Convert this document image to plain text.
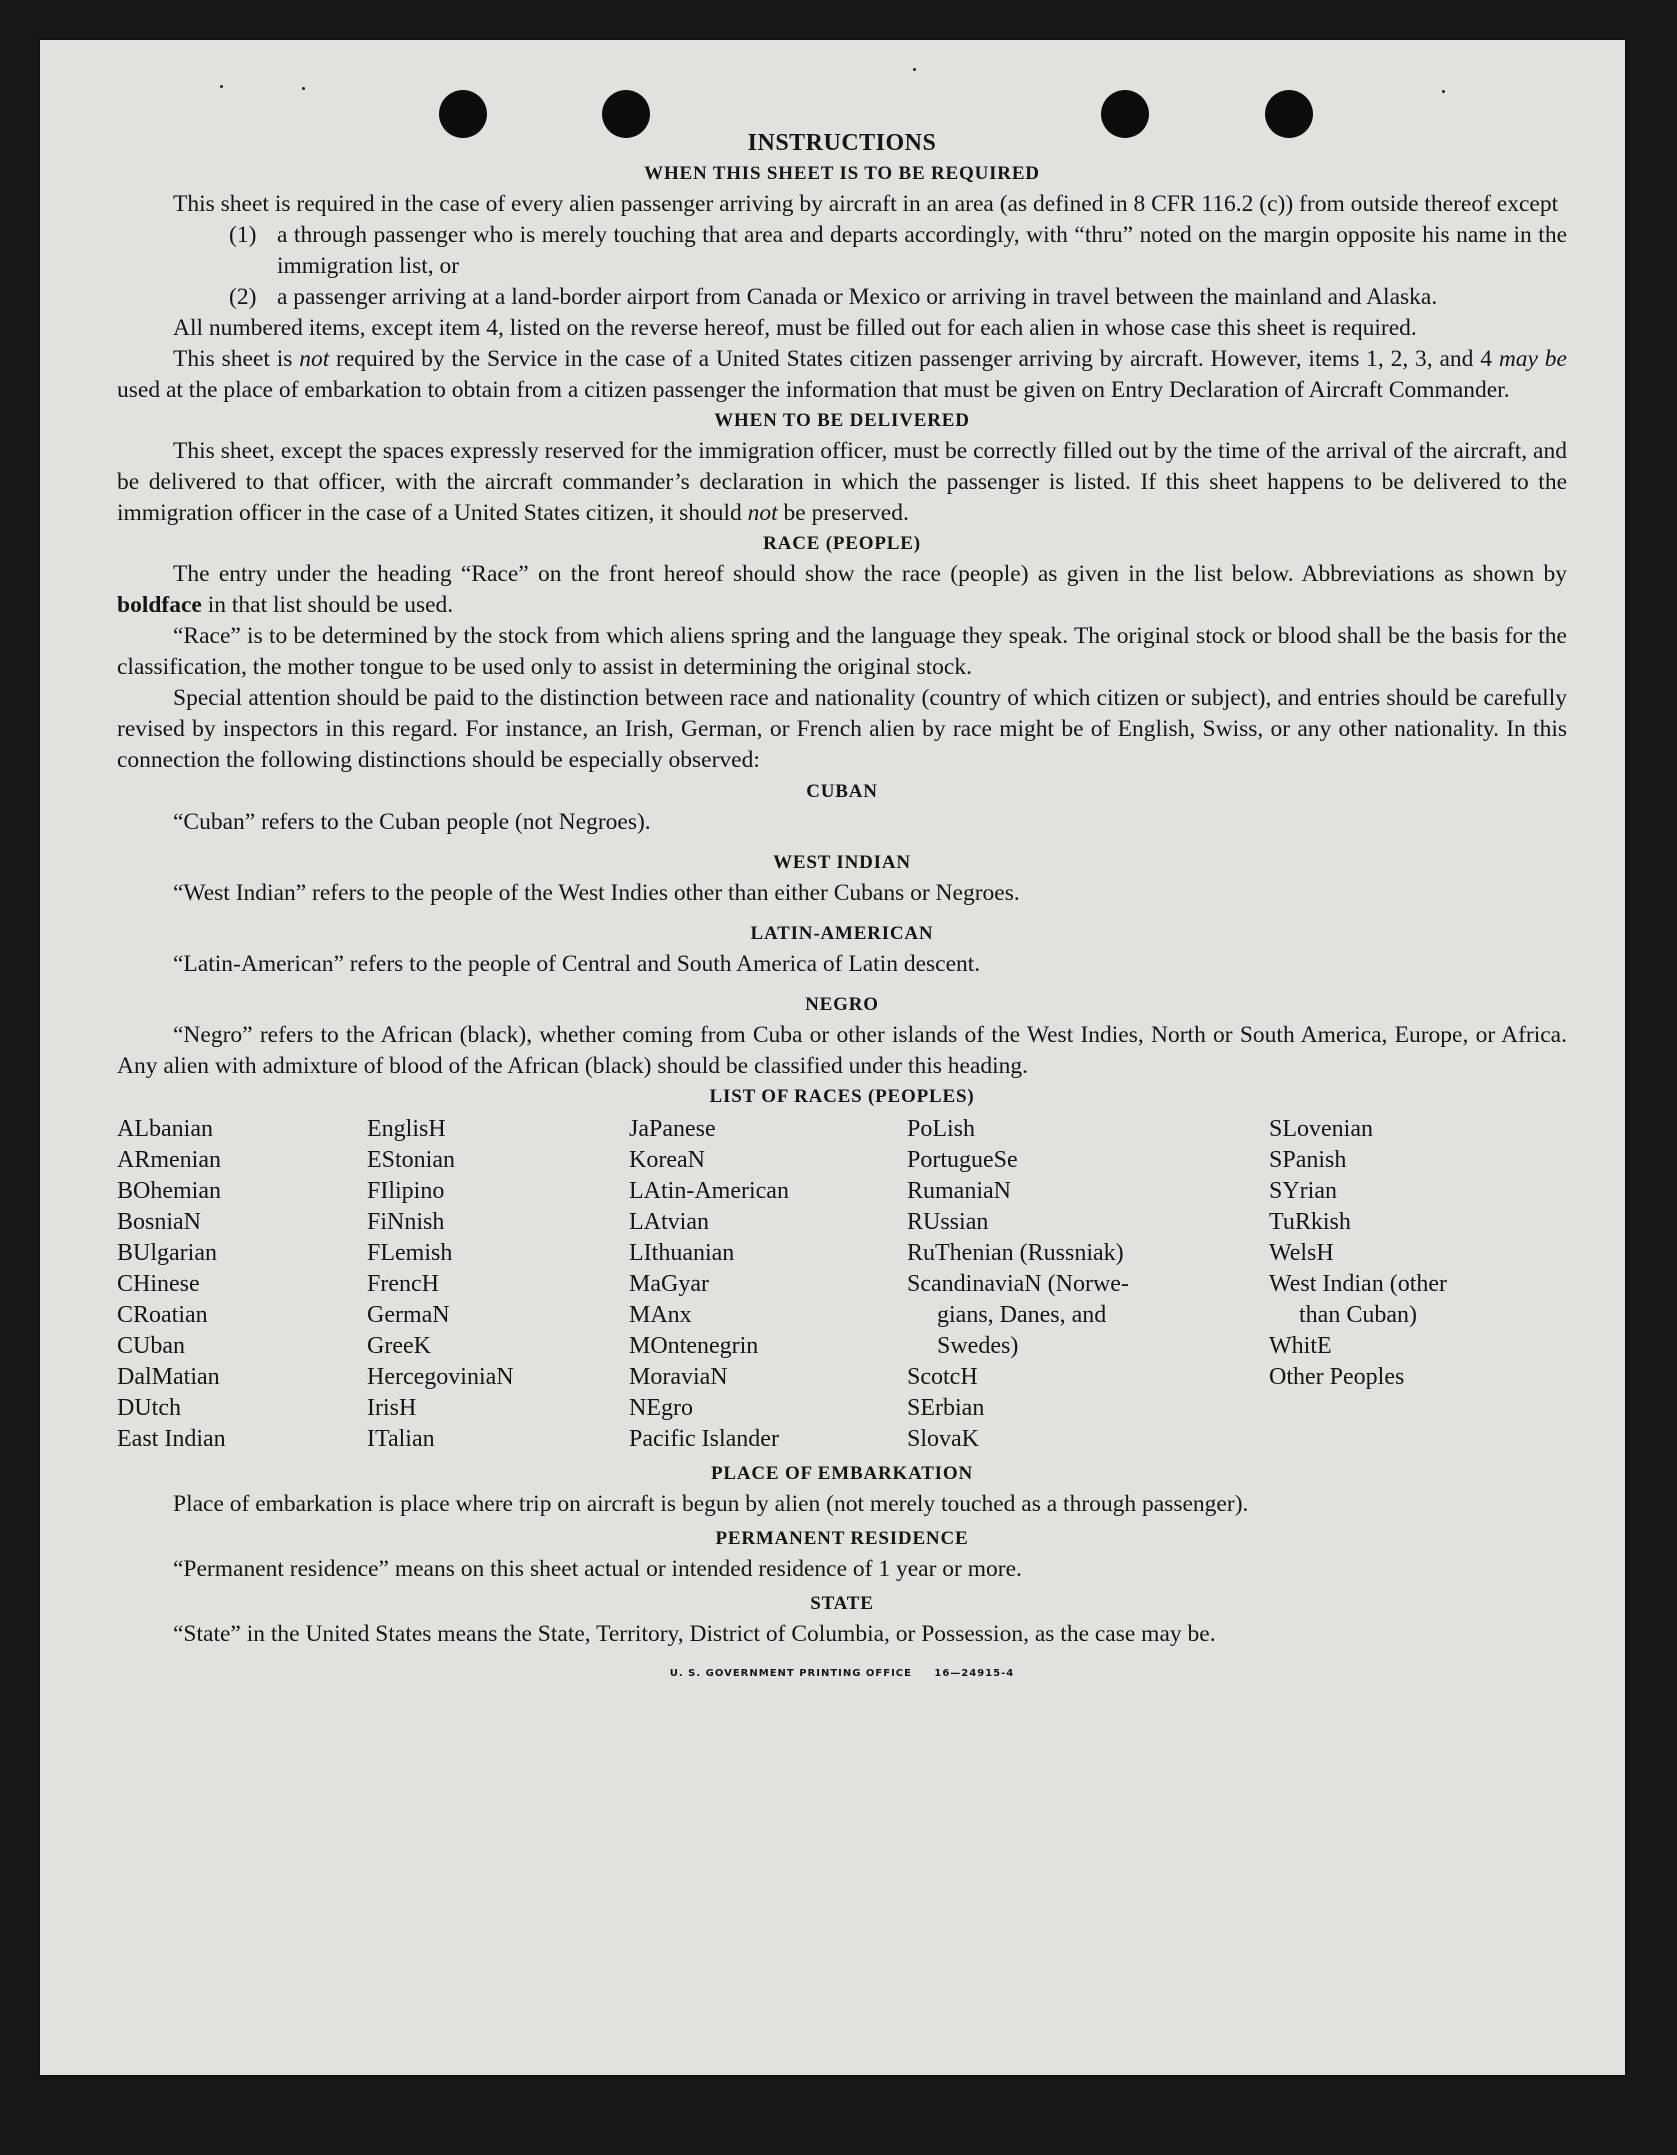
INSTRUCTIONS
WHEN THIS SHEET IS TO BE REQUIRED

This sheet is required in the case of every alien passenger arriving by aircraft in an area (as defined in 8 CFR 116.2 (c)) from outside thereof except

(1) a through passenger who is merely touching that area and departs accordingly, with “thru” noted on the margin opposite his name in the immigration list, or
(2) a passenger arriving at a land-border airport from Canada or Mexico or arriving in travel between the mainland and Alaska.

All numbered items, except item 4, listed on the reverse hereof, must be filled out for each alien in whose case this sheet is required.

This sheet is not required by the Service in the case of a United States citizen passenger arriving by aircraft. However, items 1, 2, 3, and 4 may be used at the place of embarkation to obtain from a citizen passenger the information that must be given on Entry Declaration of Aircraft Commander.

WHEN TO BE DELIVERED

This sheet, except the spaces expressly reserved for the immigration officer, must be correctly filled out by the time of the arrival of the aircraft, and be delivered to that officer, with the aircraft commander’s declaration in which the passenger is listed. If this sheet happens to be delivered to the immigration officer in the case of a United States citizen, it should not be preserved.

RACE (PEOPLE)

The entry under the heading “Race” on the front hereof should show the race (people) as given in the list below. Abbreviations as shown by boldface in that list should be used.

“Race” is to be determined by the stock from which aliens spring and the language they speak. The original stock or blood shall be the basis for the classification, the mother tongue to be used only to assist in determining the original stock.

Special attention should be paid to the distinction between race and nationality (country of which citizen or subject), and entries should be carefully revised by inspectors in this regard. For instance, an Irish, German, or French alien by race might be of English, Swiss, or any other nationality. In this connection the following distinctions should be especially observed:

CUBAN

“Cuban” refers to the Cuban people (not Negroes).

WEST INDIAN

“West Indian” refers to the people of the West Indies other than either Cubans or Negroes.

LATIN-AMERICAN

“Latin-American” refers to the people of Central and South America of Latin descent.

NEGRO

“Negro” refers to the African (black), whether coming from Cuba or other islands of the West Indies, North or South America, Europe, or Africa. Any alien with admixture of blood of the African (black) should be classified under this heading.

LIST OF RACES (PEOPLES)
ALbanian
ARmenian
BOhemian
BosniaN
BUlgarian
CHinese
CRoatian
CUban
DalMatian
DUtch
East Indian
EnglisH
EStonian
FIlipino
FiNnish
FLemish
FrencH
GermaN
GreeK
HercegoviniaN
IrisH
ITalian
JaPanese
KoreaN
LAtin-American
LAtvian
LIthuanian
MaGyar
MAnx
MOntenegrin
MoraviaN
NEgro
Pacific Islander
PoLish
PortugueSe
RumaniaN
RUssian
RuThenian (Russniak)
ScandinaviaN (Norwe-
gians, Danes, and
Swedes)
ScotcH
SErbian
SlovaK
SLovenian
SPanish
SYrian
TuRkish
WelsH
West Indian (other
than Cuban)
WhitE
Other Peoples
PLACE OF EMBARKATION

Place of embarkation is place where trip on aircraft is begun by alien (not merely touched as a through passenger).

PERMANENT RESIDENCE

“Permanent residence” means on this sheet actual or intended residence of 1 year or more.

STATE

“State” in the United States means the State, Territory, District of Columbia, or Possession, as the case may be.

U. S. GOVERNMENT PRINTING OFFICE     16—24915-4
